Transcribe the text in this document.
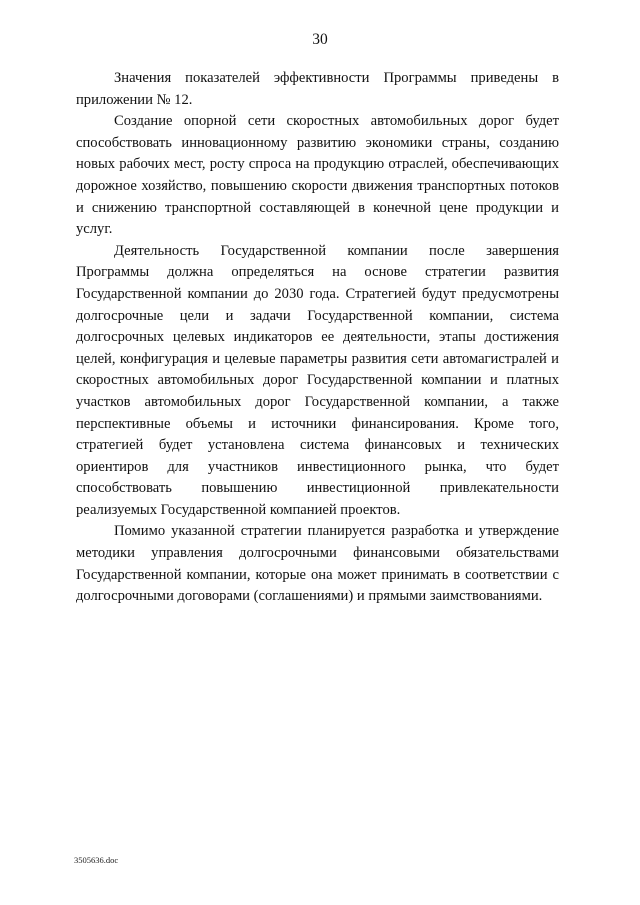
30

Значения показателей эффективности Программы приведены в приложении № 12.

Создание опорной сети скоростных автомобильных дорог будет способствовать инновационному развитию экономики страны, созданию новых рабочих мест, росту спроса на продукцию отраслей, обеспечивающих дорожное хозяйство, повышению скорости движения транспортных потоков и снижению транспортной составляющей в конечной цене продукции и услуг.

Деятельность Государственной компании после завершения Программы должна определяться на основе стратегии развития Государственной компании до 2030 года. Стратегией будут предусмотрены долгосрочные цели и задачи Государственной компании, система долгосрочных целевых индикаторов ее деятельности, этапы достижения целей, конфигурация и целевые параметры развития сети автомагистралей и скоростных автомобильных дорог Государственной компании и платных участков автомобильных дорог Государственной компании, а также перспективные объемы и источники финансирования. Кроме того, стратегией будет установлена система финансовых и технических ориентиров для участников инвестиционного рынка, что будет способствовать повышению инвестиционной привлекательности реализуемых Государственной компанией проектов.

Помимо указанной стратегии планируется разработка и утверждение методики управления долгосрочными финансовыми обязательствами Государственной компании, которые она может принимать в соответствии с долгосрочными договорами (соглашениями) и прямыми заимствованиями.

3505636.doc
